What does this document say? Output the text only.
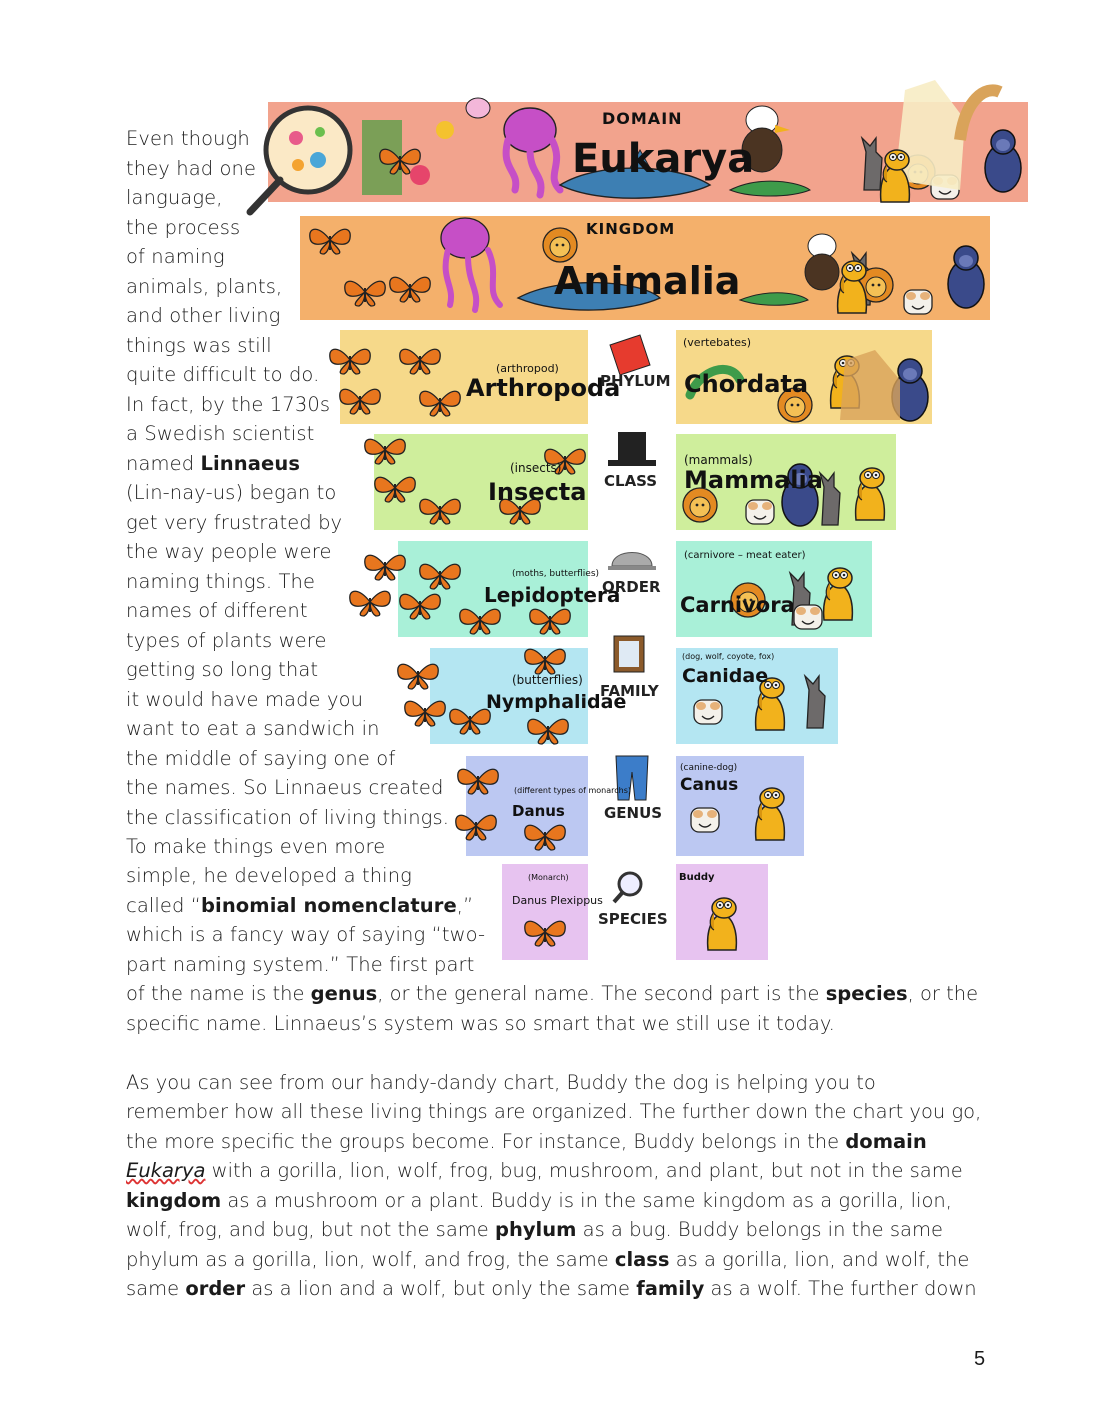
Even though
they had one
language,
the process
of naming
animals, plants,
and other living
things was still
quite difficult to do.
In fact, by the 1730s
a Swedish scientist
named Linnaeus
(Lin-nay-us) began to
get very frustrated by
the way people were
naming things. The
names of different
types of plants were
getting so long that
it would have made you
want to eat a sandwich in
the middle of saying one of
the names. So Linnaeus created
the classification of living things.
To make things even more
simple, he developed a thing
called “binomial nomenclature,”
which is a fancy way of saying “two-
part naming system.” The first part
of the name is the genus, or the general name. The second part is the species, or the
specific name. Linnaeus’s system was so smart that we still use it today.
As you can see from our handy-dandy chart, Buddy the dog is helping you to
remember how all these living things are organized. The further down the chart you go,
the more specific the groups become. For instance, Buddy belongs in the domain
Eukarya with a gorilla, lion, wolf, frog, bug, mushroom, and plant, but not in the same
kingdom as a mushroom or a plant. Buddy is in the same kingdom as a gorilla, lion,
wolf, frog, and bug, but not the same phylum as a bug. Buddy belongs in the same
phylum as a gorilla, lion, wolf, and frog, the same class as a gorilla, lion, and wolf, the
same order as a lion and a wolf, but only the same family as a wolf. The further down
5
DOMAIN
Eukarya
KINGDOM
Animalia
(arthropod)
Arthropoda
PHYLUM
(vertebates)
Chordata
(insects)
Insecta CLASS
(mammals)
Mammalia
(moths, butterflies)
Lepidoptera
ORDER
(carnivore – meat eater)
Carnivora
(butterflies)
Nymphalidae
FAMILY
(dog, wolf, coyote, fox)
Canidae
(different types of monarchs)
Danus	GENUS
(canine-dog)
Canus
(Monarch)
Danus Plexippus
SPECIES
Buddy
